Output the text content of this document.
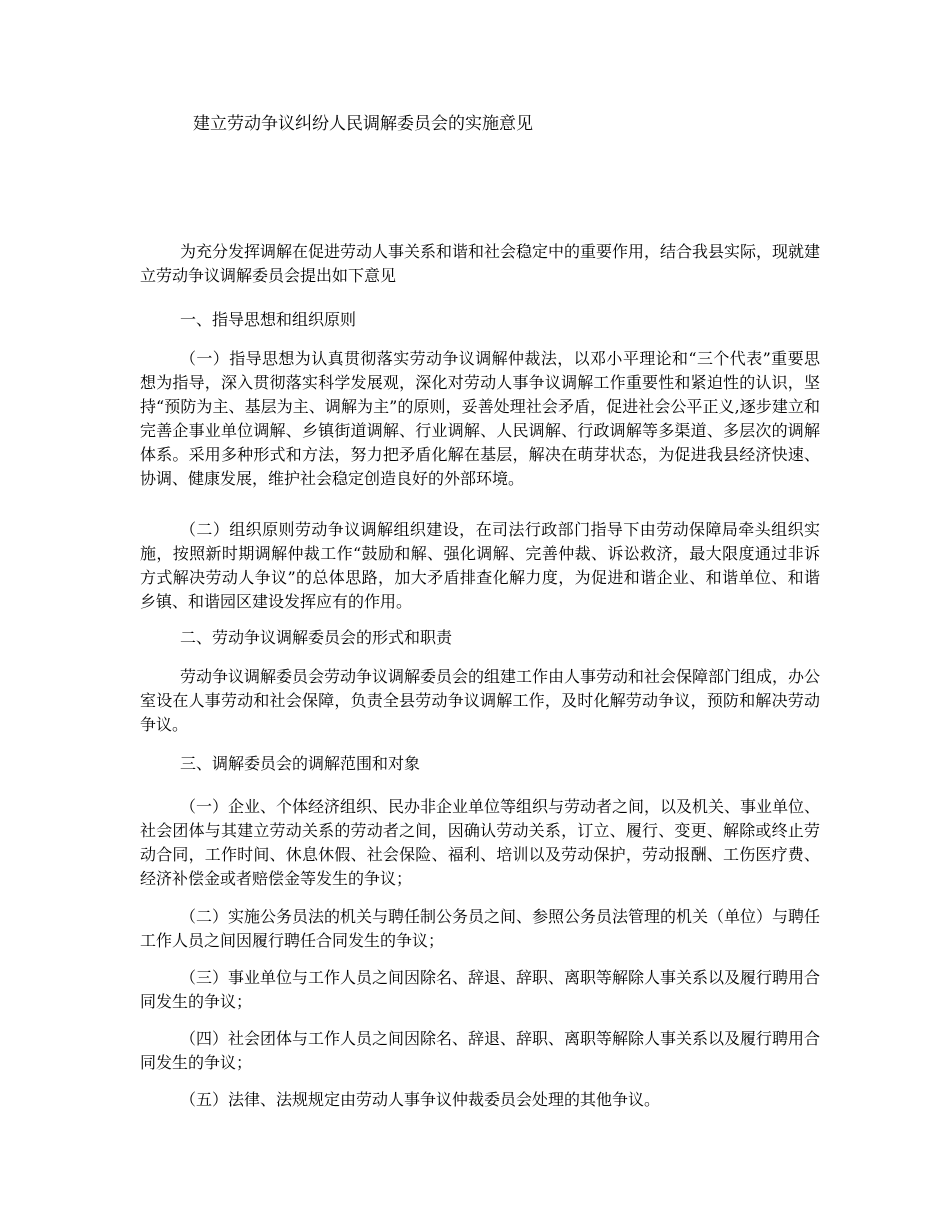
建立劳动争议纠纷人民调解委员会的实施意见

为充分发挥调解在促进劳动人事关系和谐和社会稳定中的重要作用，结合我县实际，现就建立劳动争议调解委员会提出如下意见

一、指导思想和组织原则

（一）指导思想为认真贯彻落实劳动争议调解仲裁法，以邓小平理论和“三个代表”重要思想为指导，深入贯彻落实科学发展观，深化对劳动人事争议调解工作重要性和紧迫性的认识，坚持“预防为主、基层为主、调解为主”的原则，妥善处理社会矛盾，促进社会公平正义,逐步建立和完善企事业单位调解、乡镇街道调解、行业调解、人民调解、行政调解等多渠道、多层次的调解体系。采用多种形式和方法，努力把矛盾化解在基层，解决在萌芽状态，为促进我县经济快速、协调、健康发展，维护社会稳定创造良好的外部环境。

（二）组织原则劳动争议调解组织建设，在司法行政部门指导下由劳动保障局牵头组织实施，按照新时期调解仲裁工作“鼓励和解、强化调解、完善仲裁、诉讼救济，最大限度通过非诉方式解决劳动人争议”的总体思路，加大矛盾排查化解力度，为促进和谐企业、和谐单位、和谐乡镇、和谐园区建设发挥应有的作用。

二、劳动争议调解委员会的形式和职责

劳动争议调解委员会劳动争议调解委员会的组建工作由人事劳动和社会保障部门组成，办公室设在人事劳动和社会保障，负责全县劳动争议调解工作，及时化解劳动争议，预防和解决劳动争议。

三、调解委员会的调解范围和对象

（一）企业、个体经济组织、民办非企业单位等组织与劳动者之间，以及机关、事业单位、社会团体与其建立劳动关系的劳动者之间，因确认劳动关系，订立、履行、变更、解除或终止劳动合同，工作时间、休息休假、社会保险、福利、培训以及劳动保护，劳动报酬、工伤医疗费、经济补偿金或者赔偿金等发生的争议；

（二）实施公务员法的机关与聘任制公务员之间、参照公务员法管理的机关（单位）与聘任工作人员之间因履行聘任合同发生的争议；

（三）事业单位与工作人员之间因除名、辞退、辞职、离职等解除人事关系以及履行聘用合同发生的争议；

（四）社会团体与工作人员之间因除名、辞退、辞职、离职等解除人事关系以及履行聘用合同发生的争议；

（五）法律、法规规定由劳动人事争议仲裁委员会处理的其他争议。
